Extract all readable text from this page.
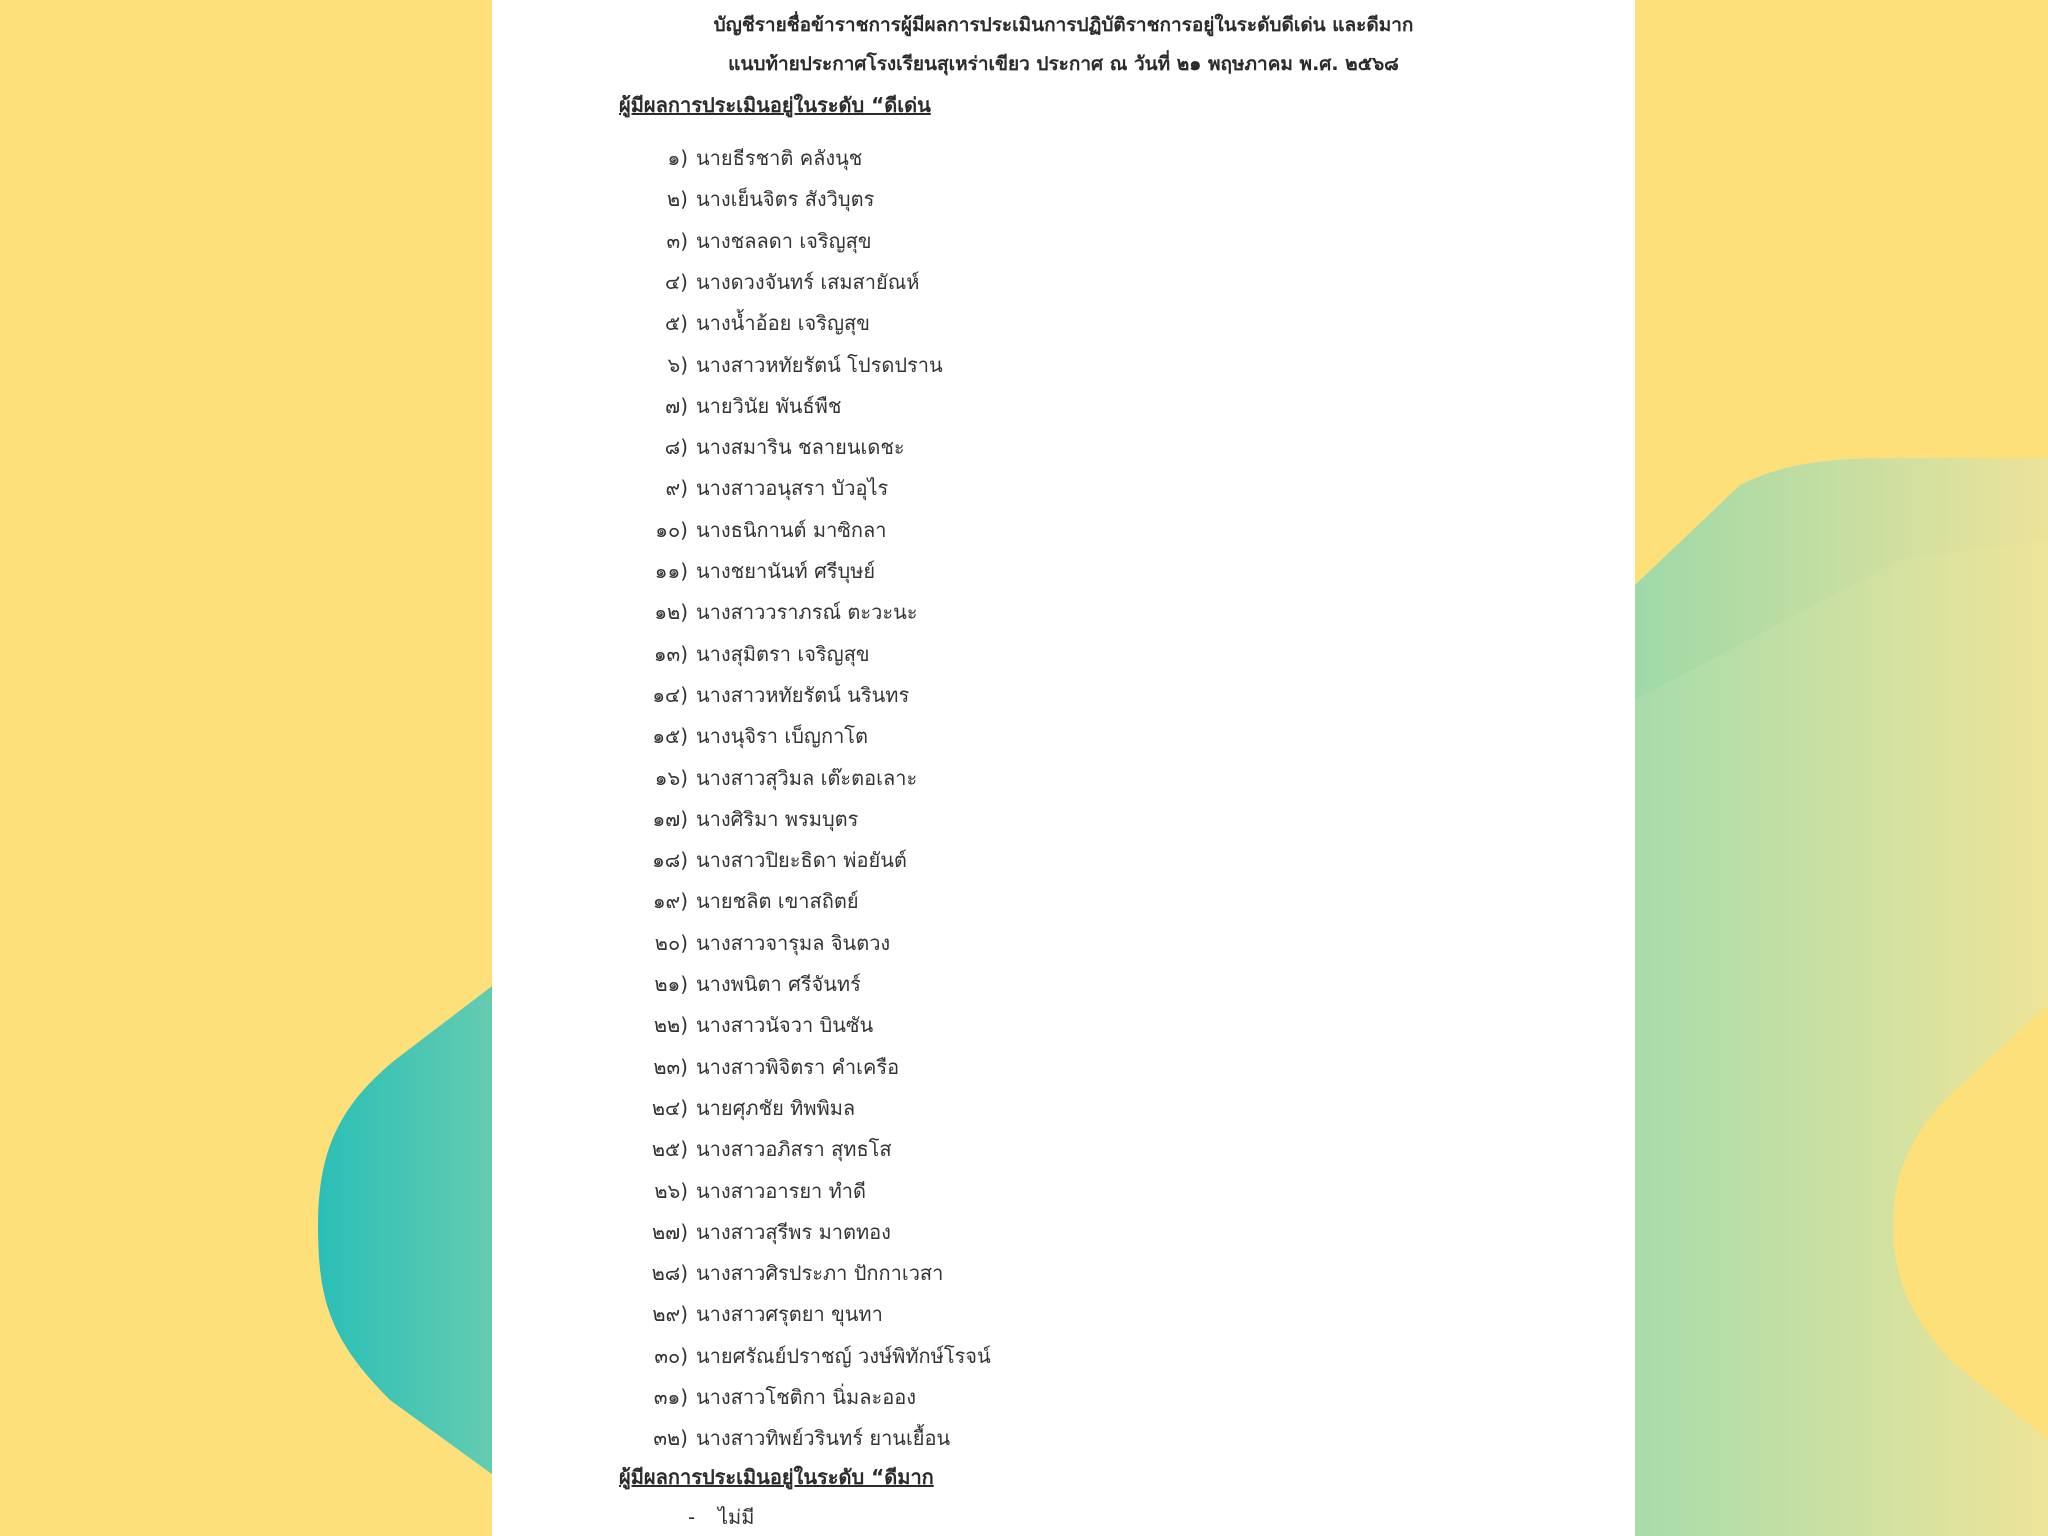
บัญชีรายชื่อข้าราชการผู้มีผลการประเมินการปฏิบัติราชการอยู่ในระดับดีเด่น และดีมาก
แนบท้ายประกาศโรงเรียนสุเหร่าเขียว ประกาศ ณ วันที่ ๒๑ พฤษภาคม พ.ศ. ๒๕๖๘
ผู้มีผลการประเมินอยู่ในระดับ “ดีเด่น
๑) นายธีรชาติ คลังนุช
๒) นางเย็นจิตร สังวิบุตร
๓) นางชลลดา เจริญสุข
๔) นางดวงจันทร์ เสมสายัณห์
๕) นางน้ำอ้อย เจริญสุข
๖) นางสาวหทัยรัตน์ โปรดปราน
๗) นายวินัย พันธ์พืช
๘) นางสมาริน ชลายนเดชะ
๙) นางสาวอนุสรา บัวอุไร
๑๐) นางธนิกานต์ มาซิกลา
๑๑) นางชยานันท์ ศรีบุษย์
๑๒) นางสาววราภรณ์ ตะวะนะ
๑๓) นางสุมิตรา เจริญสุข
๑๔) นางสาวหทัยรัตน์ นรินทร
๑๕) นางนุจิรา เบ็ญกาโต
๑๖) นางสาวสุวิมล เต๊ะตอเลาะ
๑๗) นางศิริมา พรมบุตร
๑๘) นางสาวปิยะธิดา พ่อยันต์
๑๙) นายชลิต เขาสถิตย์
๒๐) นางสาวจารุมล จินตวง
๒๑) นางพนิตา ศรีจันทร์
๒๒) นางสาวนัจวา บินซัน
๒๓) นางสาวพิจิตรา คำเครือ
๒๔) นายศุภชัย ทิพพิมล
๒๕) นางสาวอภิสรา สุทธโส
๒๖) นางสาวอารยา ทำดี
๒๗) นางสาวสุรีพร มาตทอง
๒๘) นางสาวศิรประภา ปักกาเวสา
๒๙) นางสาวศรุตยา ขุนทา
๓๐) นายศรัณย์ปราชญ์ วงษ์พิทักษ์โรจน์
๓๑) นางสาวโชติกา นิ่มละออง
๓๒) นางสาวทิพย์วรินทร์ ยานเยื้อน
ผู้มีผลการประเมินอยู่ในระดับ “ดีมาก
- ไม่มี
